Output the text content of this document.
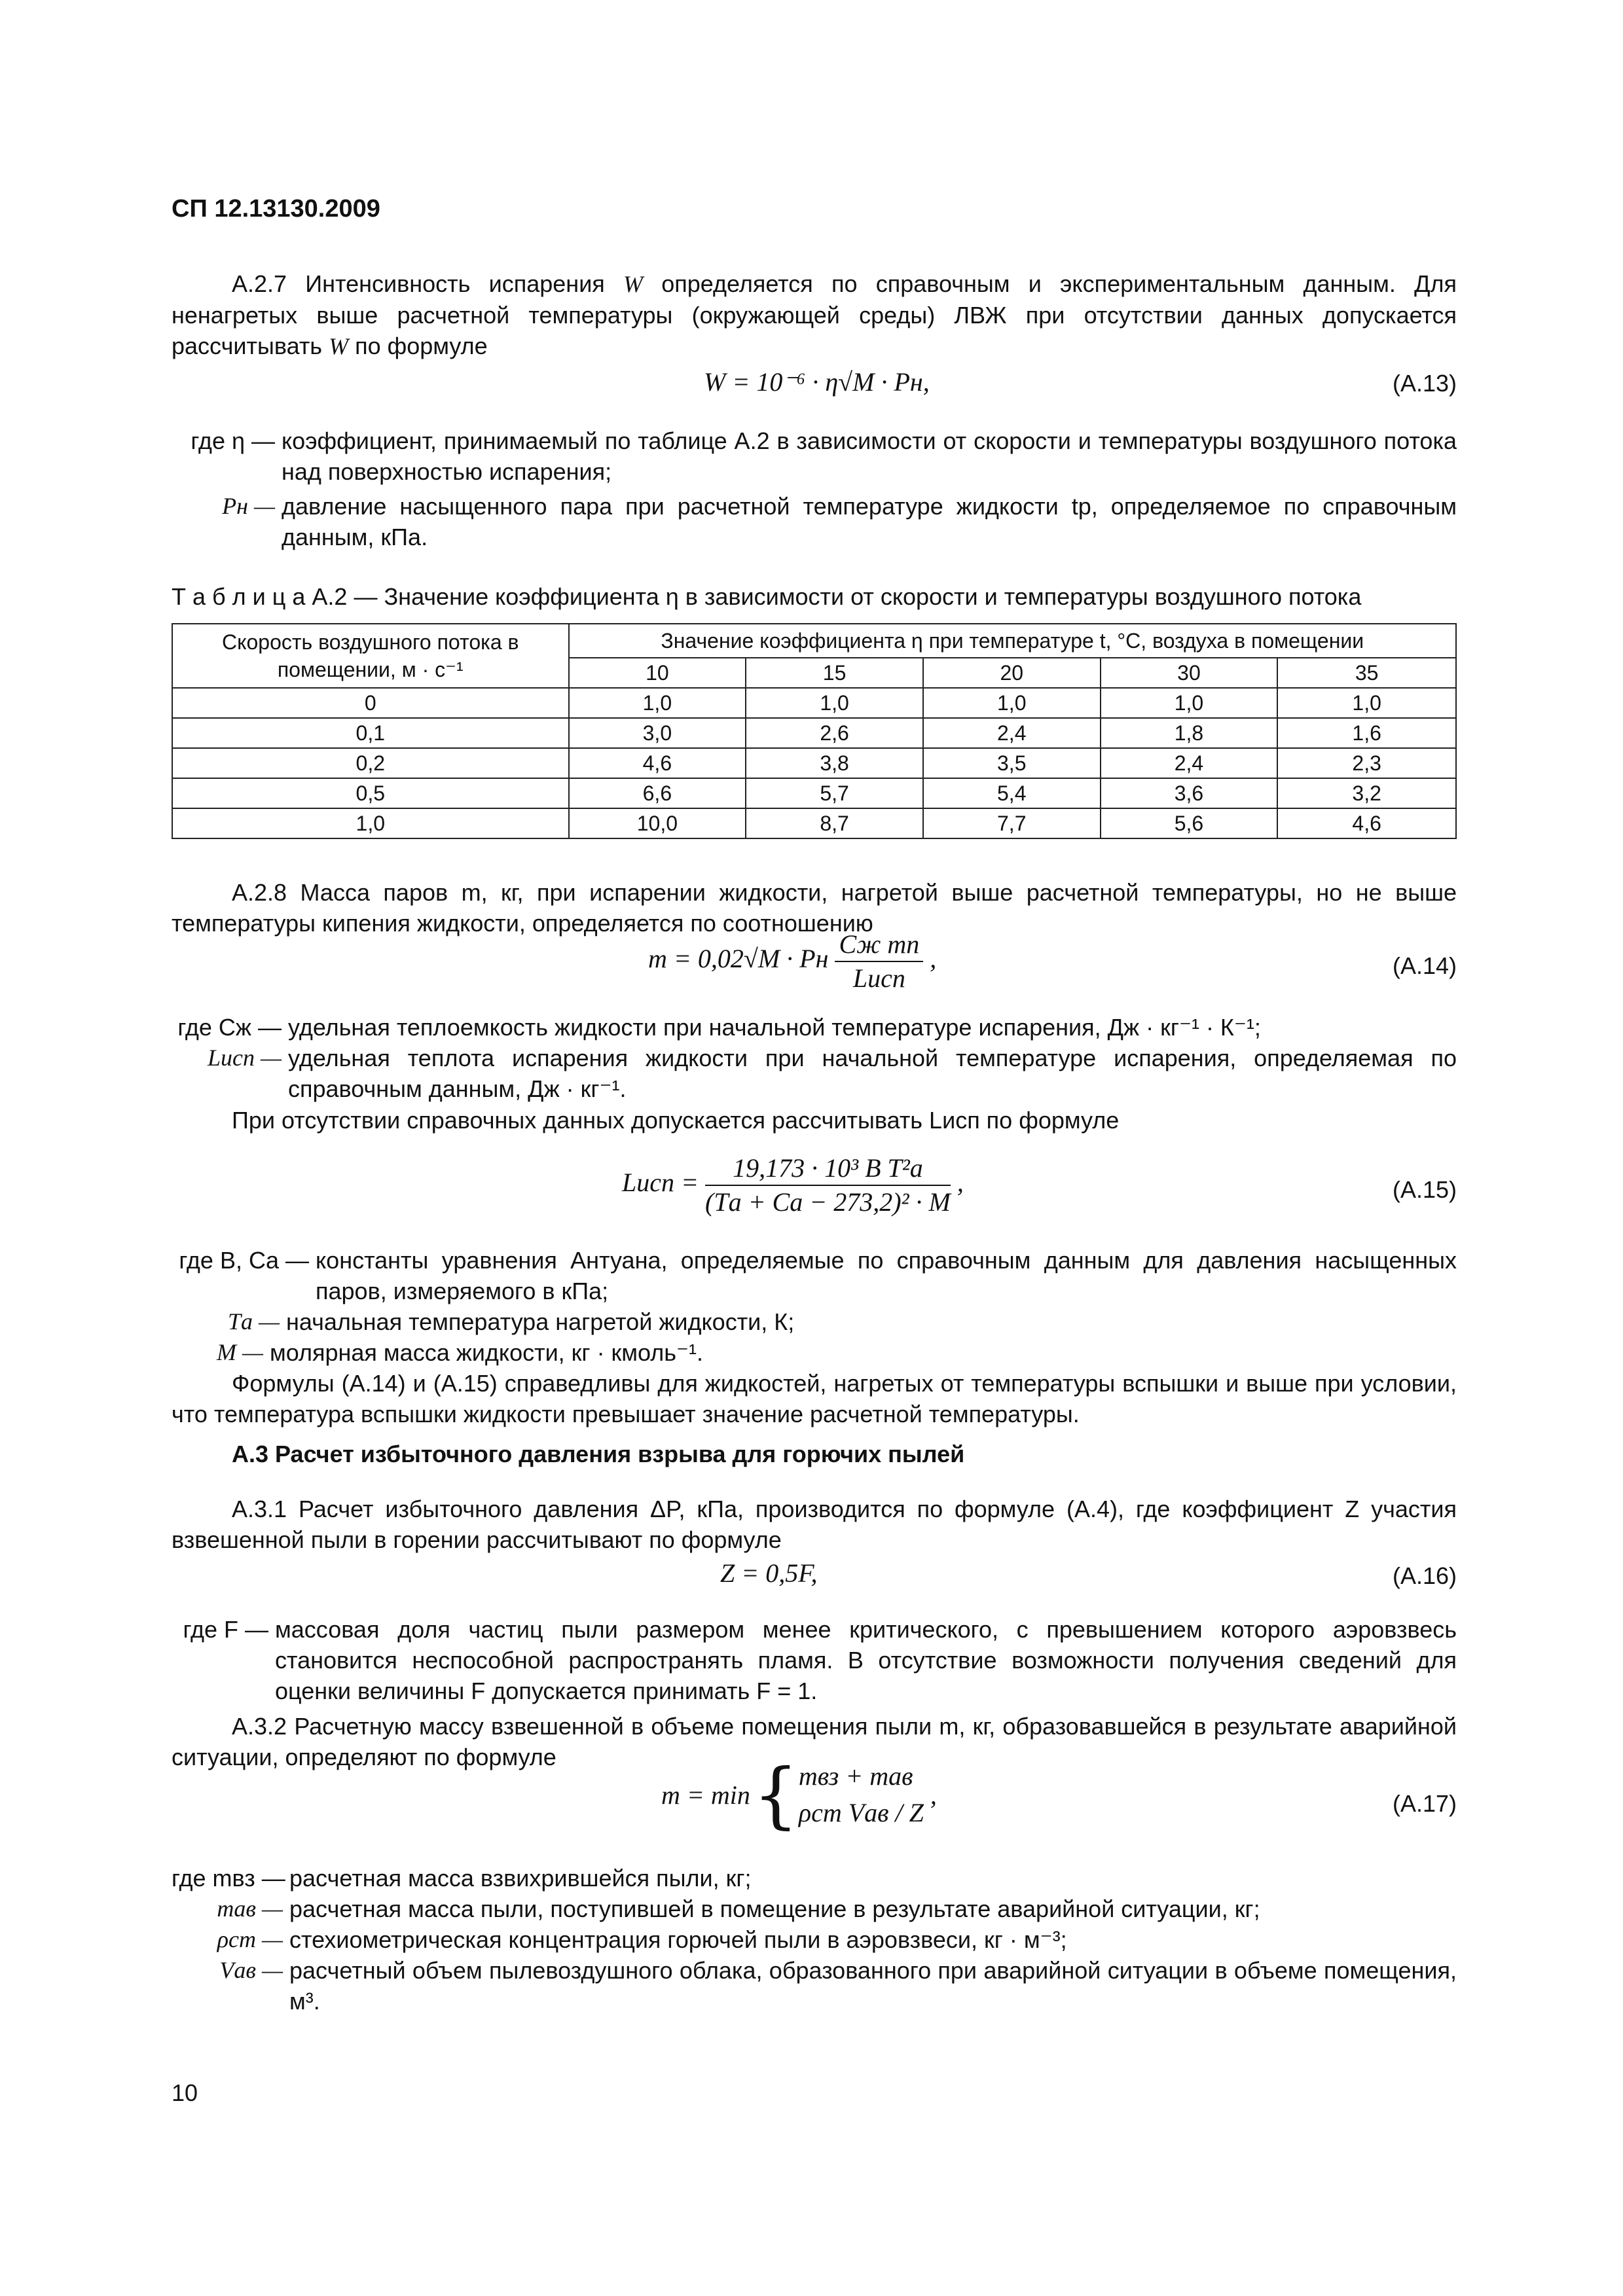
СП 12.13130.2009
А.2.7 Интенсивность испарения W определяется по справочным и экспериментальным данным. Для ненагретых выше расчетной температуры (окружающей среды) ЛВЖ при отсутствии данных допускается рассчитывать W по формуле
W = 10⁻⁶ · η√M · Pн,	(А.13)
где η —
коэффициент, принимаемый по таблице А.2 в зависимости от скорости и температуры воздушного потока над поверхностью испарения;
Pн —
давление насыщенного пара при расчетной температуре жидкости tр, определяемое по справочным данным, кПа.
Т а б л и ц а А.2 — Значение коэффициента η в зависимости от скорости и температуры воздушного потока
Скорость воздушного потока в помещении, м · с⁻¹	Значение коэффициента η при температуре t, °С, воздуха в помещении				
	10	15	20	30	35
0	1,0	1,0	1,0	1,0	1,0
0,1	3,0	2,6	2,4	1,8	1,6
0,2	4,6	3,8	3,5	2,4	2,3
0,5	6,6	5,7	5,4	3,6	3,2
1,0	10,0	8,7	7,7	5,6	4,6
А.2.8 Масса паров m, кг, при испарении жидкости, нагретой выше расчетной температуры, но не выше температуры кипения жидкости, определяется по соотношению
m = 0,02√M · Pн $\frac{\text{Cж mп}}{\text{Lисп}}$ ,	(А.14)
где Cж —
удельная теплоемкость жидкости при начальной температуре испарения, Дж · кг⁻¹ · К⁻¹;
Lисп —
удельная теплота испарения жидкости при начальной температуре испарения, определяемая по справочным данным, Дж · кг⁻¹.
При отсутствии справочных данных допускается рассчитывать Lисп по формуле
Lисп = $\frac{\text{19,173 · 10³ B T²а}}{\text{(Tа + Cа − 273,2)² · M}}$ ,	(А.15)
где B, Cа —
константы уравнения Антуана, определяемые по справочным данным для давления насыщенных паров, измеряемого в кПа;
Tа —
начальная температура нагретой жидкости, К;
M —
молярная масса жидкости, кг · кмоль⁻¹.
Формулы (А.14) и (А.15) справедливы для жидкостей, нагретых от температуры вспышки и выше при условии, что температура вспышки жидкости превышает значение расчетной температуры.
А.3 Расчет избыточного давления взрыва для горючих пылей
А.3.1 Расчет избыточного давления ΔP, кПа, производится по формуле (А.4), где коэффициент Z участия взвешенной пыли в горении рассчитывают по формуле
Z = 0,5F,	(А.16)
где F —
массовая доля частиц пыли размером менее критического, с превышением которого аэровзвесь становится неспособной распространять пламя. В отсутствие возможности получения сведений для оценки величины F допускается принимать F = 1.
А.3.2 Расчетную массу взвешенной в объеме помещения пыли m, кг, образовавшейся в результате аварийной ситуации, определяют по формуле
m = min { mвз + mав
ρст Vав / Z
,	(А.17)
где mвз —
расчетная масса взвихрившейся пыли, кг;
mав —
расчетная масса пыли, поступившей в помещение в результате аварийной ситуации, кг;
ρст —
стехиометрическая концентрация горючей пыли в аэровзвеси, кг · м⁻³;
Vав —
расчетный объем пылевоздушного облака, образованного при аварийной ситуации в объеме помещения, м³.
10
